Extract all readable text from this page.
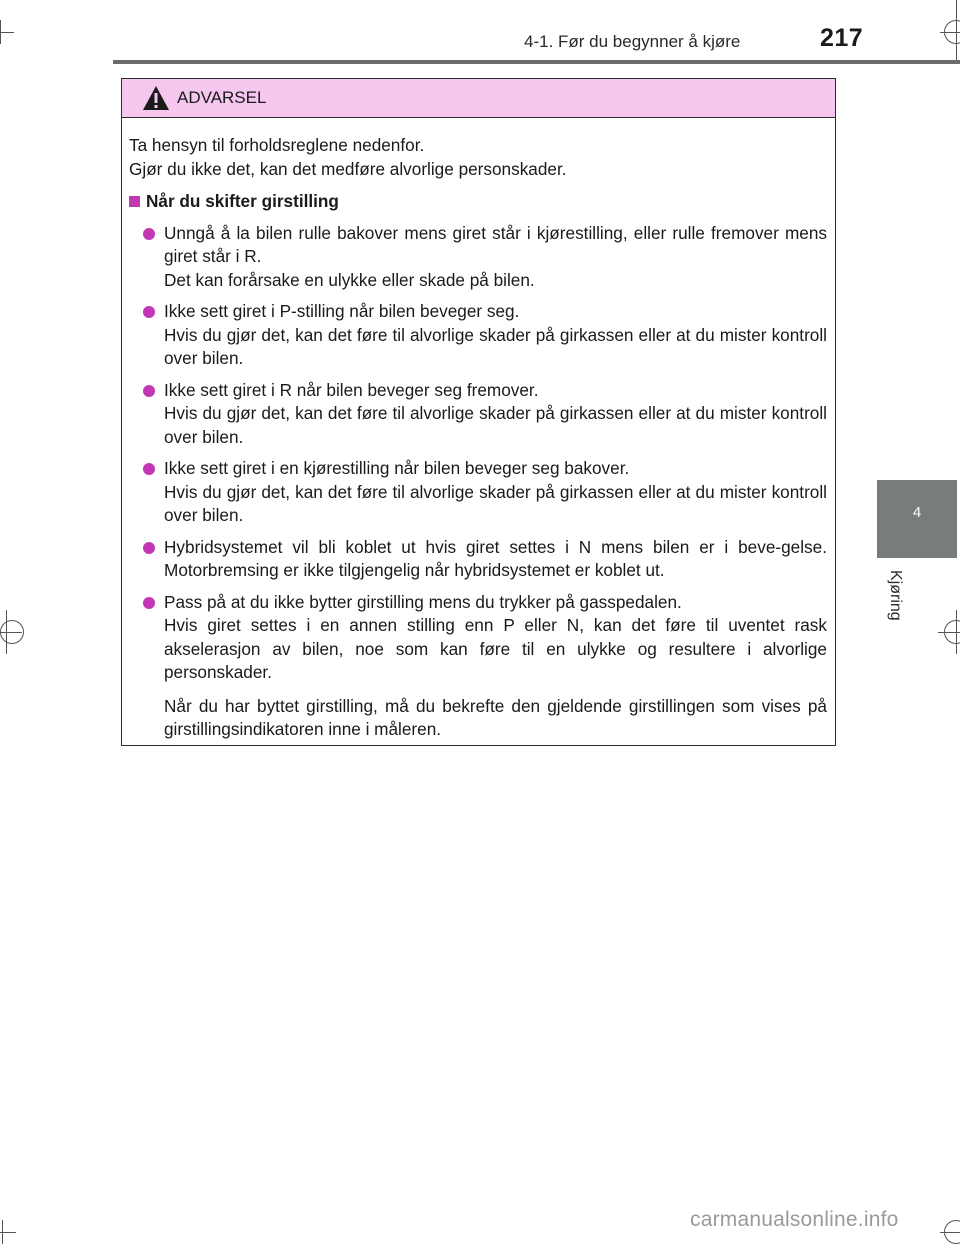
4-1. Før du begynner å kjøre	217
4
Kjøring
ADVARSEL

Ta hensyn til forholdsreglene nedenfor.

Gjør du ikke det, kan det medføre alvorlige personskader.

Når du skifter girstilling

Unngå å la bilen rulle bakover mens giret står i kjørestilling, eller rulle fremover mens giret står i R.

Det kan forårsake en ulykke eller skade på bilen.

Ikke sett giret i P-stilling når bilen beveger seg.

Hvis du gjør det, kan det føre til alvorlige skader på girkassen eller at du mister kontroll over bilen.

Ikke sett giret i R når bilen beveger seg fremover.

Hvis du gjør det, kan det føre til alvorlige skader på girkassen eller at du mister kontroll over bilen.

Ikke sett giret i en kjørestilling når bilen beveger seg bakover.

Hvis du gjør det, kan det føre til alvorlige skader på girkassen eller at du mister kontroll over bilen.

Hybridsystemet vil bli koblet ut hvis giret settes i N mens bilen er i beve-gelse. Motorbremsing er ikke tilgjengelig når hybridsystemet er koblet ut.

Pass på at du ikke bytter girstilling mens du trykker på gasspedalen.

Hvis giret settes i en annen stilling enn P eller N, kan det føre til uventet rask akselerasjon av bilen, noe som kan føre til en ulykke og resultere i alvorlige personskader.

Når du har byttet girstilling, må du bekrefte den gjeldende girstillingen som vises på girstillingsindikatoren inne i måleren.
carmanualsonline.info
